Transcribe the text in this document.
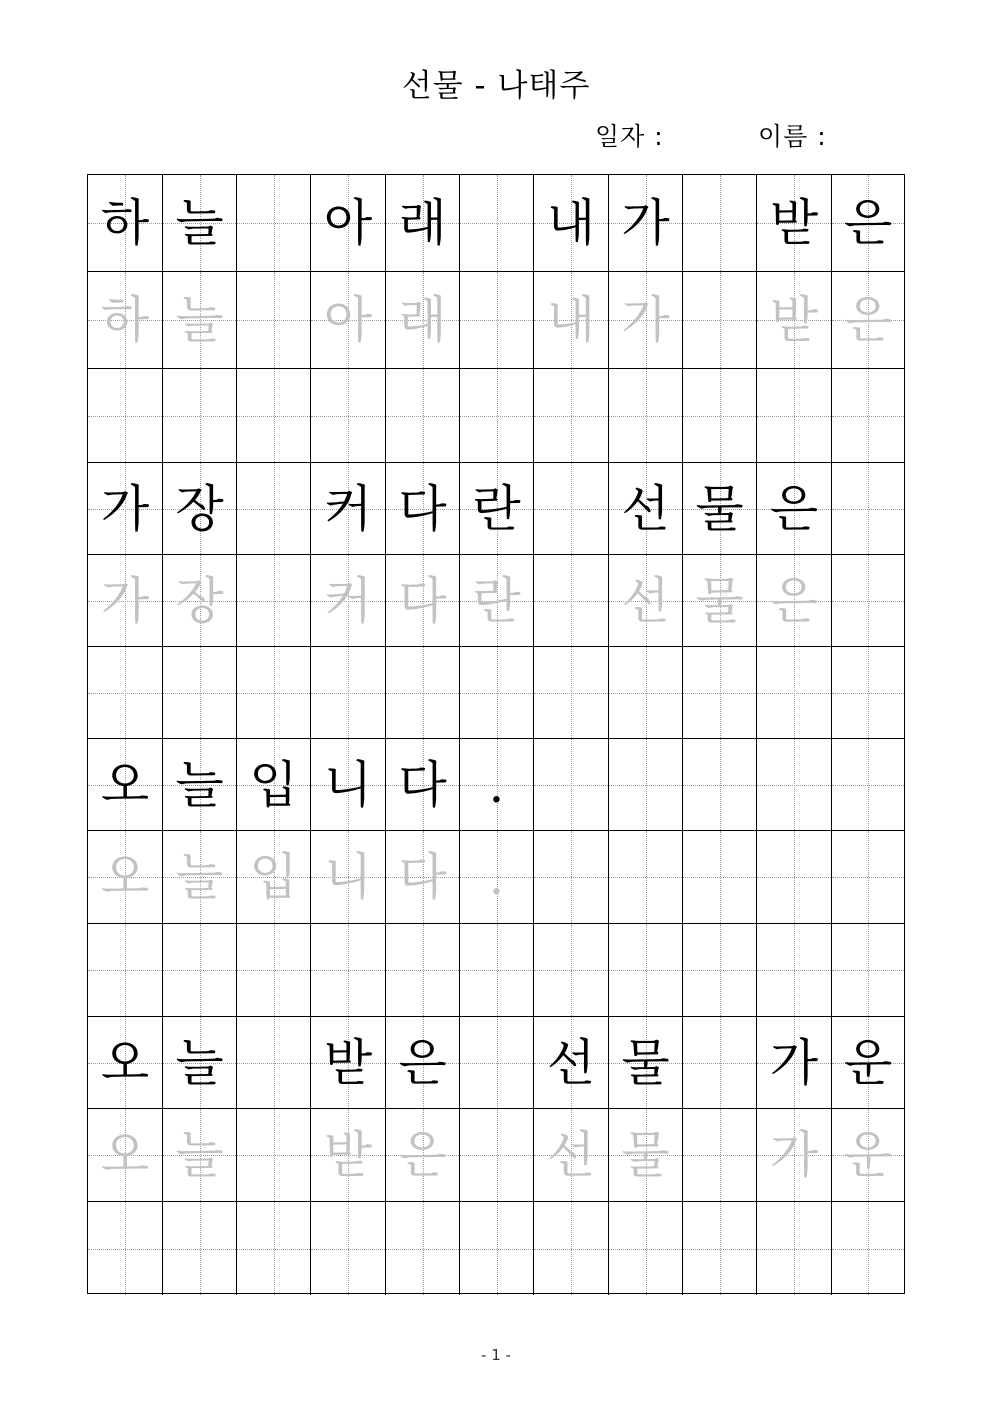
선물 - 나태주
일자 :	이름 :
하 늘 아 래 내 가 받 은
하 늘 아 래 내 가 받 은
가 장 커 다 란 선 물 은
가 장 커 다 란 선 물 은
오 늘 입 니 다 .
오 늘 입 니 다 .
오 늘 받 은 선 물 가 운
오 늘 받 은 선 물 가 운
- 1 -
